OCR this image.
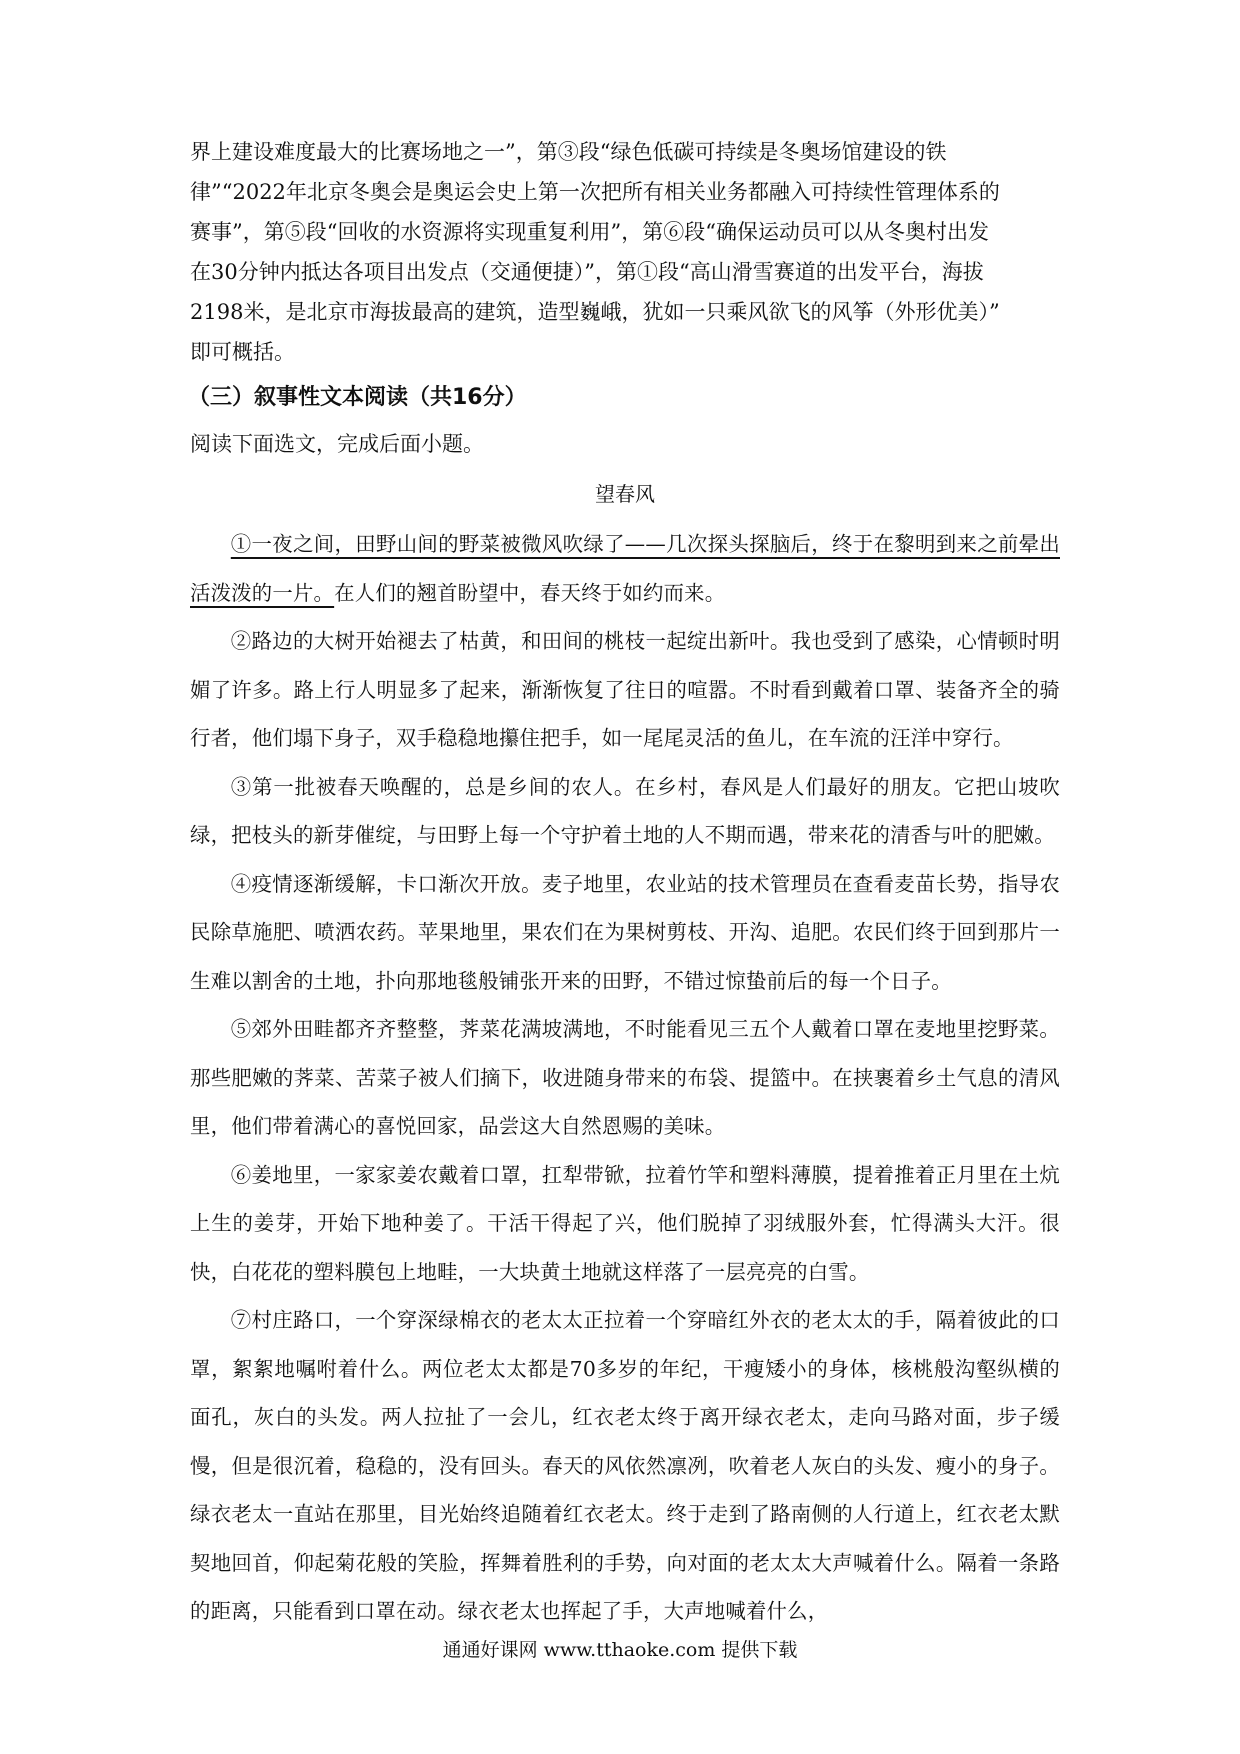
界上建设难度最大的比赛场地之一”，第③段“绿色低碳可持续是冬奥场馆建设的铁

律”“2022年北京冬奥会是奥运会史上第一次把所有相关业务都融入可持续性管理体系的

赛事”，第⑤段“回收的水资源将实现重复利用”，第⑥段“确保运动员可以从冬奥村出发

在30分钟内抵达各项目出发点（交通便捷）”，第①段“高山滑雪赛道的出发平台，海拔

2198米，是北京市海拔最高的建筑，造型巍峨，犹如一只乘风欲飞的风筝（外形优美）”

即可概括。

（三）叙事性文本阅读（共16分）

阅读下面选文，完成后面小题。

望春风

①一夜之间，田野山间的野菜被微风吹绿了——几次探头探脑后，终于在黎明到来之前晕出活泼泼的一片。在人们的翘首盼望中，春天终于如约而来。

②路边的大树开始褪去了枯黄，和田间的桃枝一起绽出新叶。我也受到了感染，心情顿时明媚了许多。路上行人明显多了起来，渐渐恢复了往日的喧嚣。不时看到戴着口罩、装备齐全的骑行者，他们塌下身子，双手稳稳地攥住把手，如一尾尾灵活的鱼儿，在车流的汪洋中穿行。

③第一批被春天唤醒的，总是乡间的农人。在乡村，春风是人们最好的朋友。它把山坡吹绿，把枝头的新芽催绽，与田野上每一个守护着土地的人不期而遇，带来花的清香与叶的肥嫩。

④疫情逐渐缓解，卡口渐次开放。麦子地里，农业站的技术管理员在查看麦苗长势，指导农民除草施肥、喷洒农药。苹果地里，果农们在为果树剪枝、开沟、追肥。农民们终于回到那片一生难以割舍的土地，扑向那地毯般铺张开来的田野，不错过惊蛰前后的每一个日子。

⑤郊外田畦都齐齐整整，荠菜花满坡满地，不时能看见三五个人戴着口罩在麦地里挖野菜。那些肥嫩的荠菜、苦菜子被人们摘下，收进随身带来的布袋、提篮中。在挟裹着乡土气息的清风里，他们带着满心的喜悦回家，品尝这大自然恩赐的美味。

⑥姜地里，一家家姜农戴着口罩，扛犁带锨，拉着竹竿和塑料薄膜，提着推着正月里在土炕上生的姜芽，开始下地种姜了。干活干得起了兴，他们脱掉了羽绒服外套，忙得满头大汗。很快，白花花的塑料膜包上地畦，一大块黄土地就这样落了一层亮亮的白雪。

⑦村庄路口，一个穿深绿棉衣的老太太正拉着一个穿暗红外衣的老太太的手，隔着彼此的口罩，絮絮地嘱咐着什么。两位老太太都是70多岁的年纪，干瘦矮小的身体，核桃般沟壑纵横的面孔，灰白的头发。两人拉扯了一会儿，红衣老太终于离开绿衣老太，走向马路对面，步子缓慢，但是很沉着，稳稳的，没有回头。春天的风依然凛冽，吹着老人灰白的头发、瘦小的身子。绿衣老太一直站在那里，目光始终追随着红衣老太。终于走到了路南侧的人行道上，红衣老太默契地回首，仰起菊花般的笑脸，挥舞着胜利的手势，向对面的老太太大声喊着什么。隔着一条路的距离，只能看到口罩在动。绿衣老太也挥起了手，大声地喊着什么，

通通好课网 www.tthaoke.com 提供下载
